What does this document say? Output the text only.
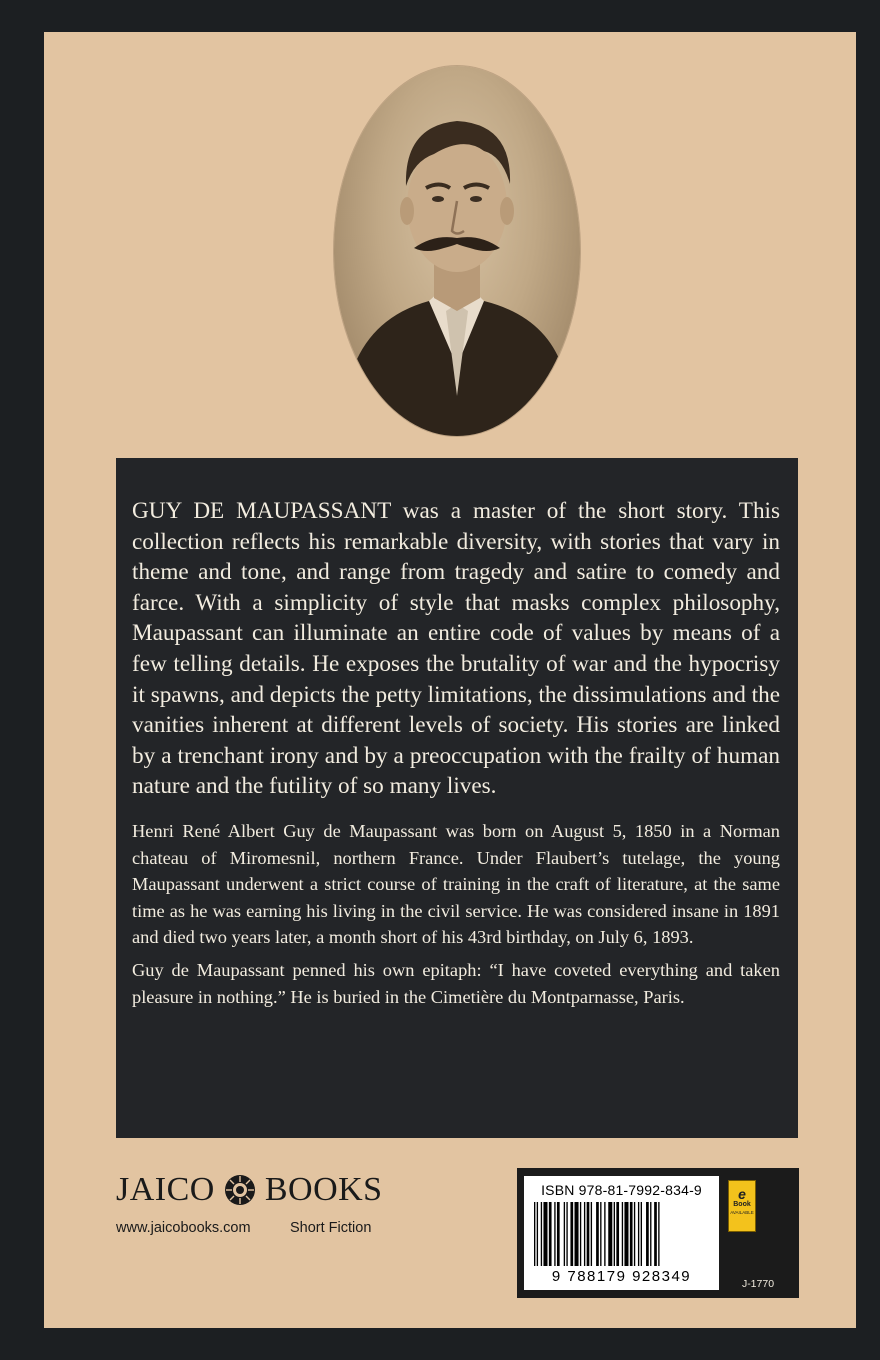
GUY DE MAUPASSANT was a master of the short story. This collection reflects his remarkable diversity, with stories that vary in theme and tone, and range from tragedy and satire to comedy and farce. With a simplicity of style that masks complex philosophy, Maupassant can illuminate an entire code of values by means of a few telling details. He exposes the brutality of war and the hypocrisy it spawns, and depicts the petty limitations, the dissimulations and the vanities inherent at different levels of society. His stories are linked by a trenchant irony and by a preoccupation with the frailty of human nature and the futility of so many lives.

Henri René Albert Guy de Maupassant was born on August 5, 1850 in a Norman chateau of Miromesnil, northern France. Under Flaubert’s tutelage, the young Maupassant underwent a strict course of training in the craft of literature, at the same time as he was earning his living in the civil service. He was considered insane in 1891 and died two years later, a month short of his 43rd birthday, on July 6, 1893.

Guy de Maupassant penned his own epitaph: “I have coveted everything and taken pleasure in nothing.” He is buried in the Cimetière du Montparnasse, Paris.

JAICO BOOKS
www.jaicobooks.com	Short Fiction
ISBN 978-81-7992-834-9
9 788179 928349
e
Book
AVAILABLE
J-1770
